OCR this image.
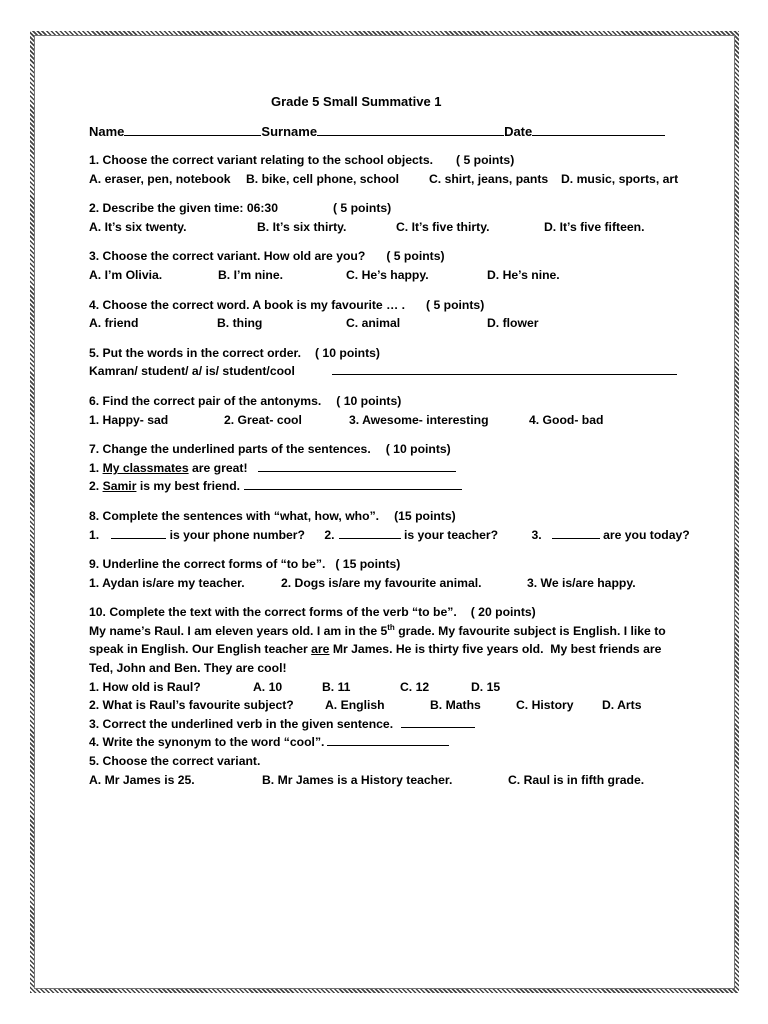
Grade 5 Small Summative 1
Name	Surname	Date
1. Choose the correct variant relating to the school objects. ( 5 points)
A. eraser, pen, notebook B. bike, cell phone, school C. shirt, jeans, pants D. music, sports, art
2. Describe the given time: 06:30	( 5 points)
A. It’s six twenty.	B. It’s six thirty.	C. It’s five thirty.	D. It’s five fifteen.
3. Choose the correct variant. How old are you? ( 5 points)
A. I’m Olivia.	B. I’m nine.	C. He’s happy.	D. He’s nine.
4. Choose the correct word. A book is my favourite … . ( 5 points)
A. friend	B. thing	C. animal	D. flower
5. Put the words in the correct order. ( 10 points)
Kamran/ student/ a/ is/ student/cool
6. Find the correct pair of the antonyms. ( 10 points)
1. Happy- sad	2. Great- cool	3. Awesome- interesting	4. Good- bad
7. Change the underlined parts of the sentences. ( 10 points)
1. My classmates are great!
2. Samir is my best friend.
8. Complete the sentences with “what, how, who”. (15 points)
1.	is your phone number? 2.	is your teacher?	3.	are you today?
9. Underline the correct forms of “to be”. ( 15 points)
1. Aydan is/are my teacher.	2. Dogs is/are my favourite animal.	3. We is/are happy.
10. Complete the text with the correct forms of the verb “to be”. ( 20 points)
My name’s Raul. I am eleven years old. I am in the 5th grade. My favourite subject is English. I like to
speak in English. Our English teacher are Mr James. He is thirty five years old.  My best friends are
Ted, John and Ben. They are cool!
1. How old is Raul?	A. 10	B. 11	C. 12	D. 15
2. What is Raul’s favourite subject?	A. English	B. Maths	C. History D. Arts
3. Correct the underlined verb in the given sentence.
4. Write the synonym to the word “cool”.
5. Choose the correct variant.
A. Mr James is 25.	B. Mr James is a History teacher.	C. Raul is in fifth grade.
